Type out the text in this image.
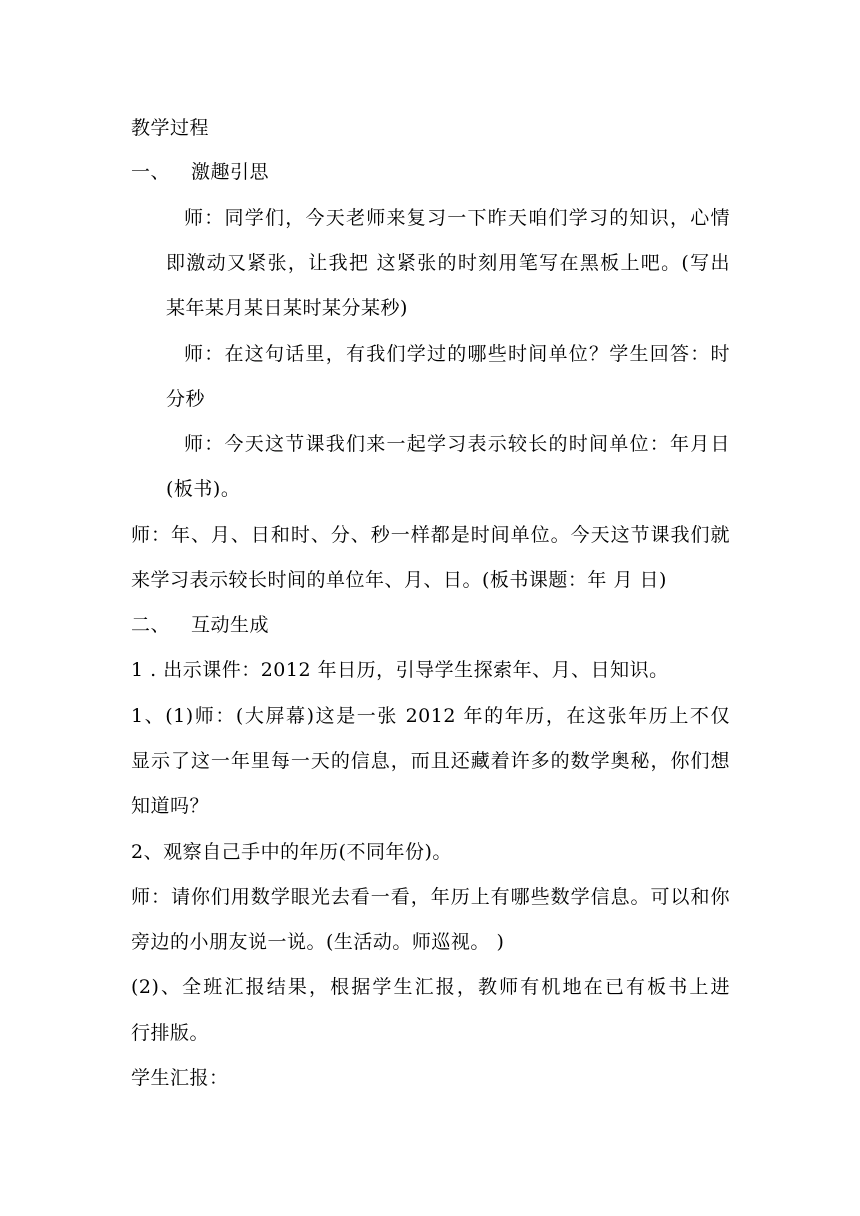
教学过程
一、	激趣引思
师：同学们，今天老师来复习一下昨天咱们学习的知识，心情
即激动又紧张，让我把 这紧张的时刻用笔写在黑板上吧。(写出
某年某月某日某时某分某秒)
师：在这句话里，有我们学过的哪些时间单位？学生回答：时
分秒
师：今天这节课我们来一起学习表示较长的时间单位：年月日
(板书)。
师：年、月、日和时、分、秒一样都是时间单位。今天这节课我们就
来学习表示较长时间的单位年、月、日。(板书课题：年 月 日)
二、	互动生成
1 . 出示课件：2012 年日历，引导学生探索年、月、日知识。
1、(1)师：(大屏幕)这是一张 2012 年的年历，在这张年历上不仅
显示了这一年里每一天的信息，而且还藏着许多的数学奥秘，你们想
知道吗？
2、观察自己手中的年历(不同年份)。
师：请你们用数学眼光去看一看，年历上有哪些数学信息。可以和你
旁边的小朋友说一说。(生活动。师巡视。 )
(2)、全班汇报结果，根据学生汇报，教师有机地在已有板书上进
行排版。
学生汇报：
